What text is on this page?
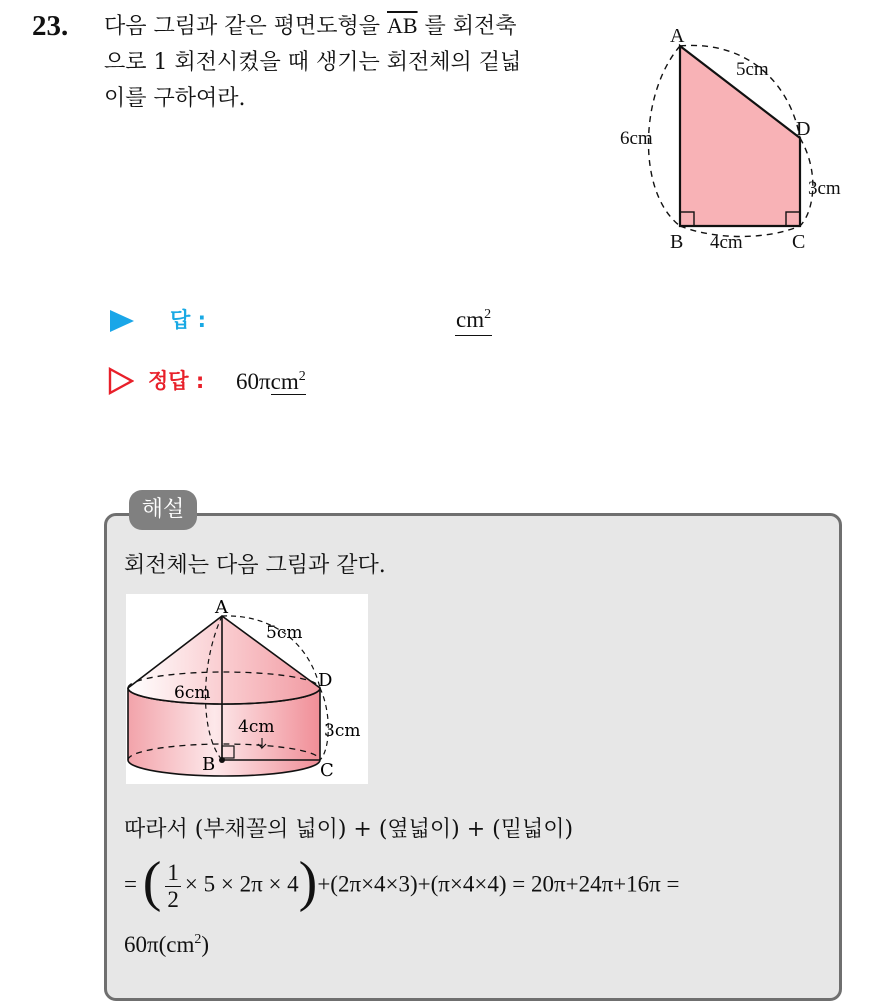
23. 다음 그림과 같은 평면도형을 $\overline{AB}$ 를 회전축
으로 1 회전시켰을 때 생기는 회전체의 겉넓
이를 구하여라.
A
D
B	C
5cm
6cm
3cm
4cm
답 :	$cm^2$
정답 : 60πcm$^2$
해설
회전체는 다음 그림과 같다.
A
D
B	C
5cm
6cm
4cm	3cm
따라서 (부채꼴의 넓이) + (옆넓이) + (밑넓이)
= ( $\frac{1}{2} \times 5 \times 2\pi \times 4)+(2\pi\times 4\times 3)+(\pi\times 4\times 4) = 20\pi+24\pi+16\pi$ =
$60\pi(cm^2)$
